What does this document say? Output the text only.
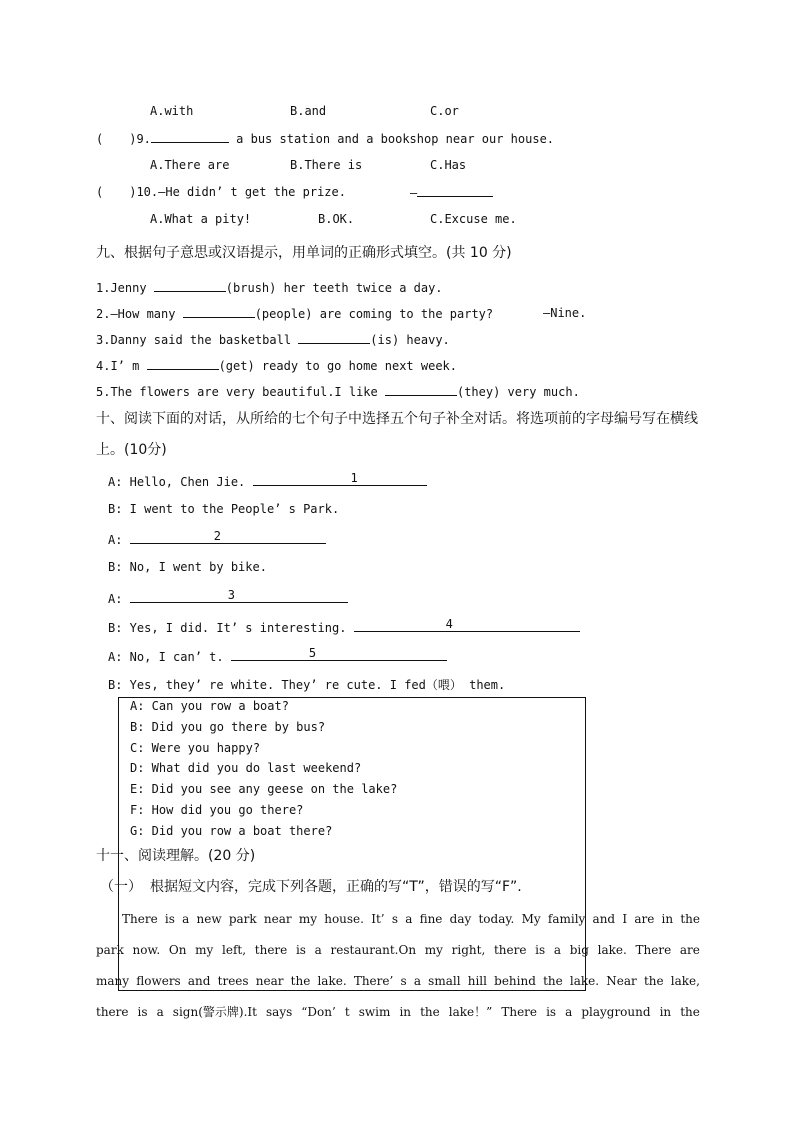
A.with	B.and	C.or
( )9.	a bus station and a bookshop near our house.
A.There are	B.There is	C.Has
( )10.—He didn’ t get the prize.	—
A.What a pity!	B.OK.	C.Excuse me.
九、根据句子意思或汉语提示，用单词的正确形式填空。(共 10 分)
1.Jenny	(brush) her teeth twice a day.
2.—How many	(people) are coming to the party?	—Nine.
3.Danny said the basketball	(is) heavy.
4.I’ m	(get) ready to go home next week.
5.The flowers are very beautiful.I like	(they) very much.
十、阅读下面的对话，从所给的七个句子中选择五个句子补全对话。将选项前的字母编号写在横线
上。(10分)
A: Hello, Chen Jie.	1
B: I went to the People’ s Park.
A:	2
B: No, I went by bike.
A:	3
B: Yes, I did. It’ s interesting.	4
A: No, I can’ t.	5
B: Yes, they’ re white. They’ re cute. I fed（喂） them.
A: Can you row a boat?
B: Did you go there by bus?
C: Were you happy?
D: What did you do last weekend?
E: Did you see any geese on the lake?
F: How did you go there?
G: Did you row a boat there?
十一、阅读理解。(20 分)
（一） 根据短文内容，完成下列各题，正确的写“T”，错误的写“F”.
There is a new park near my house. It’ s a fine day today. My family and I are in the
park now. On my left, there is a restaurant.On my right, there is a big lake. There are
many flowers and trees near the lake. There’ s a small hill behind the lake. Near the lake,
there is a sign(警示牌).It says “Don’ t swim in the lake！” There is a playground in the
